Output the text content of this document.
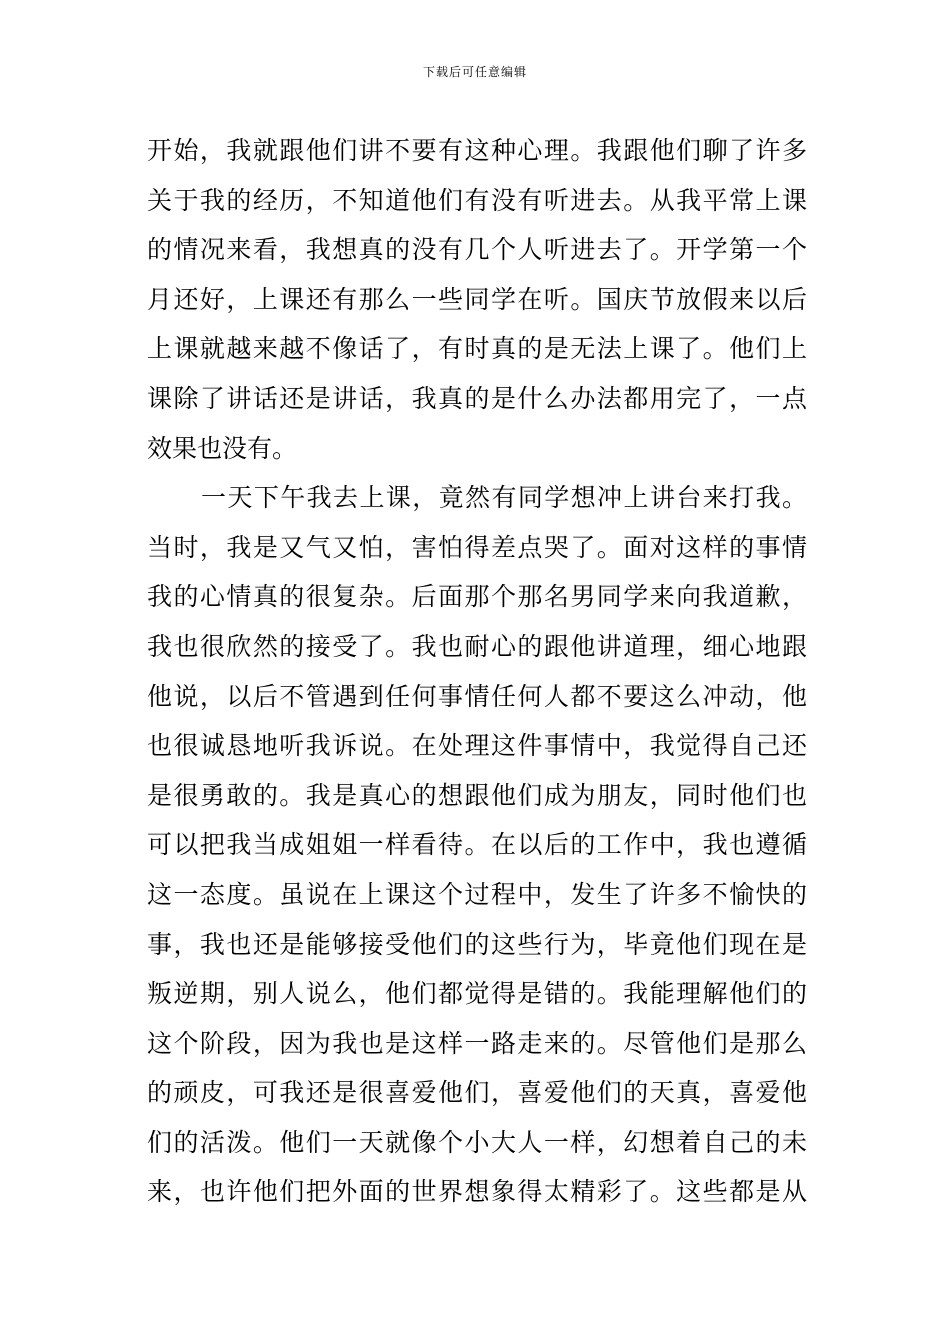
下载后可任意编辑
开始，我就跟他们讲不要有这种心理。我跟他们聊了许多
关于我的经历，不知道他们有没有听进去。从我平常上课
的情况来看，我想真的没有几个人听进去了。开学第一个
月还好，上课还有那么一些同学在听。国庆节放假来以后
上课就越来越不像话了，有时真的是无法上课了。他们上
课除了讲话还是讲话，我真的是什么办法都用完了，一点
效果也没有。
一天下午我去上课，竟然有同学想冲上讲台来打我。
当时，我是又气又怕，害怕得差点哭了。面对这样的事情
我的心情真的很复杂。后面那个那名男同学来向我道歉，
我也很欣然的接受了。我也耐心的跟他讲道理，细心地跟
他说，以后不管遇到任何事情任何人都不要这么冲动，他
也很诚恳地听我诉说。在处理这件事情中，我觉得自己还
是很勇敢的。我是真心的想跟他们成为朋友，同时他们也
可以把我当成姐姐一样看待。在以后的工作中，我也遵循
这一态度。虽说在上课这个过程中，发生了许多不愉快的
事，我也还是能够接受他们的这些行为，毕竟他们现在是
叛逆期，别人说么，他们都觉得是错的。我能理解他们的
这个阶段，因为我也是这样一路走来的。尽管他们是那么
的顽皮，可我还是很喜爱他们，喜爱他们的天真，喜爱他
们的活泼。他们一天就像个小大人一样，幻想着自己的未
来，也许他们把外面的世界想象得太精彩了。这些都是从
